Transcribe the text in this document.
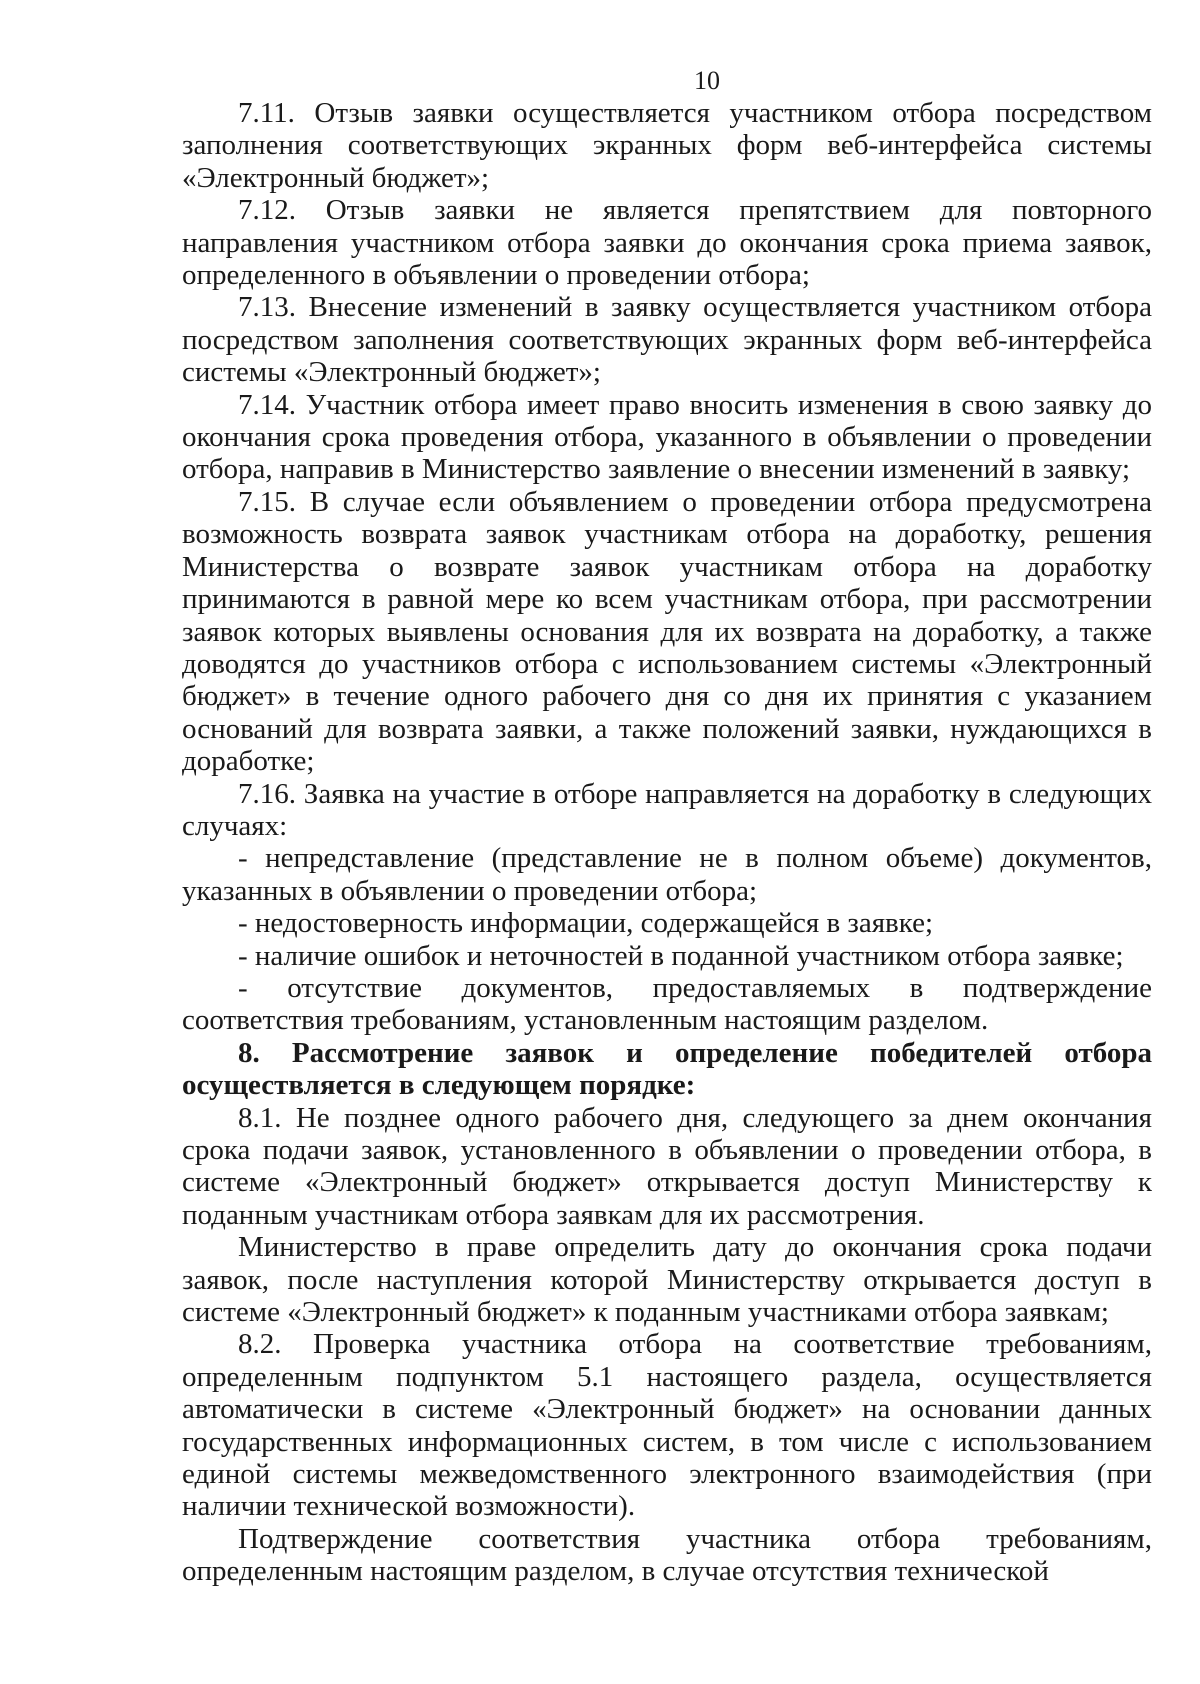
10

7.11. Отзыв заявки осуществляется участником отбора посредством заполнения соответствующих экранных форм веб-интерфейса системы «Электронный бюджет»;

7.12. Отзыв заявки не является препятствием для повторного направления участником отбора заявки до окончания срока приема заявок, определенного в объявлении о проведении отбора;

7.13. Внесение изменений в заявку осуществляется участником отбора посредством заполнения соответствующих экранных форм веб-интерфейса системы «Электронный бюджет»;

7.14. Участник отбора имеет право вносить изменения в свою заявку до окончания срока проведения отбора, указанного в объявлении о проведении отбора, направив в Министерство заявление о внесении изменений в заявку;

7.15. В случае если объявлением о проведении отбора предусмотрена возможность возврата заявок участникам отбора на доработку, решения Министерства о возврате заявок участникам отбора на доработку принимаются в равной мере ко всем участникам отбора, при рассмотрении заявок которых выявлены основания для их возврата на доработку, а также доводятся до участников отбора с использованием системы «Электронный бюджет» в течение одного рабочего дня со дня их принятия с указанием оснований для возврата заявки, а также положений заявки, нуждающихся в доработке;

7.16. Заявка на участие в отборе направляется на доработку в следующих случаях:

- непредставление (представление не в полном объеме) документов, указанных в объявлении о проведении отбора;

- недостоверность информации, содержащейся в заявке;

- наличие ошибок и неточностей в поданной участником отбора заявке;

- отсутствие документов, предоставляемых в подтверждение соответствия требованиям, установленным настоящим разделом.

8. Рассмотрение заявок и определение победителей отбора осуществляется в следующем порядке:

8.1. Не позднее одного рабочего дня, следующего за днем окончания срока подачи заявок, установленного в объявлении о проведении отбора, в системе «Электронный бюджет» открывается доступ Министерству к поданным участникам отбора заявкам для их рассмотрения.

Министерство в праве определить дату до окончания срока подачи заявок, после наступления которой Министерству открывается доступ в системе «Электронный бюджет» к поданным участниками отбора заявкам;

8.2. Проверка участника отбора на соответствие требованиям, определенным подпунктом 5.1 настоящего раздела, осуществляется автоматически в системе «Электронный бюджет» на основании данных государственных информационных систем, в том числе с использованием единой системы межведомственного электронного взаимодействия (при наличии технической возможности).

Подтверждение соответствия участника отбора требованиям, определенным настоящим разделом, в случае отсутствия технической
